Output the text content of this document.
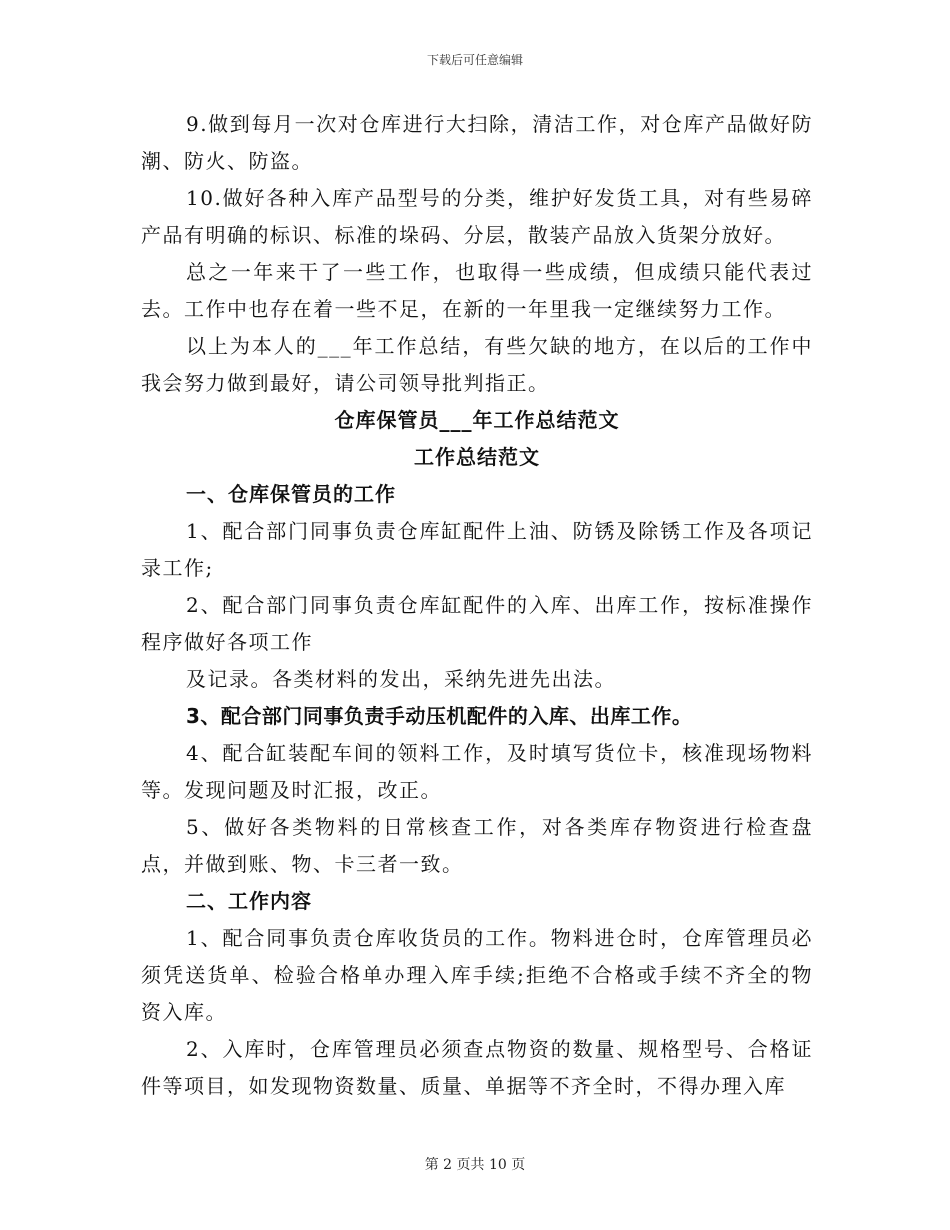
下载后可任意编辑

9.做到每月一次对仓库进行大扫除，清洁工作，对仓库产品做好防潮、防火、防盗。

10.做好各种入库产品型号的分类，维护好发货工具，对有些易碎产品有明确的标识、标准的垛码、分层，散装产品放入货架分放好。

总之一年来干了一些工作，也取得一些成绩，但成绩只能代表过去。工作中也存在着一些不足，在新的一年里我一定继续努力工作。

以上为本人的___年工作总结，有些欠缺的地方，在以后的工作中我会努力做到最好，请公司领导批判指正。

仓库保管员___年工作总结范文

工作总结范文

一、仓库保管员的工作

1、配合部门同事负责仓库缸配件上油、防锈及除锈工作及各项记录工作;

2、配合部门同事负责仓库缸配件的入库、出库工作，按标准操作程序做好各项工作

及记录。各类材料的发出，采纳先进先出法。

3、配合部门同事负责手动压机配件的入库、出库工作。

4、配合缸装配车间的领料工作，及时填写货位卡，核准现场物料等。发现问题及时汇报，改正。

5、做好各类物料的日常核查工作，对各类库存物资进行检查盘点，并做到账、物、卡三者一致。

二、工作内容

1、配合同事负责仓库收货员的工作。物料进仓时，仓库管理员必须凭送货单、检验合格单办理入库手续;拒绝不合格或手续不齐全的物资入库。

2、入库时，仓库管理员必须查点物资的数量、规格型号、合格证件等项目，如发现物资数量、质量、单据等不齐全时，不得办理入库

第 2 页共 10 页
